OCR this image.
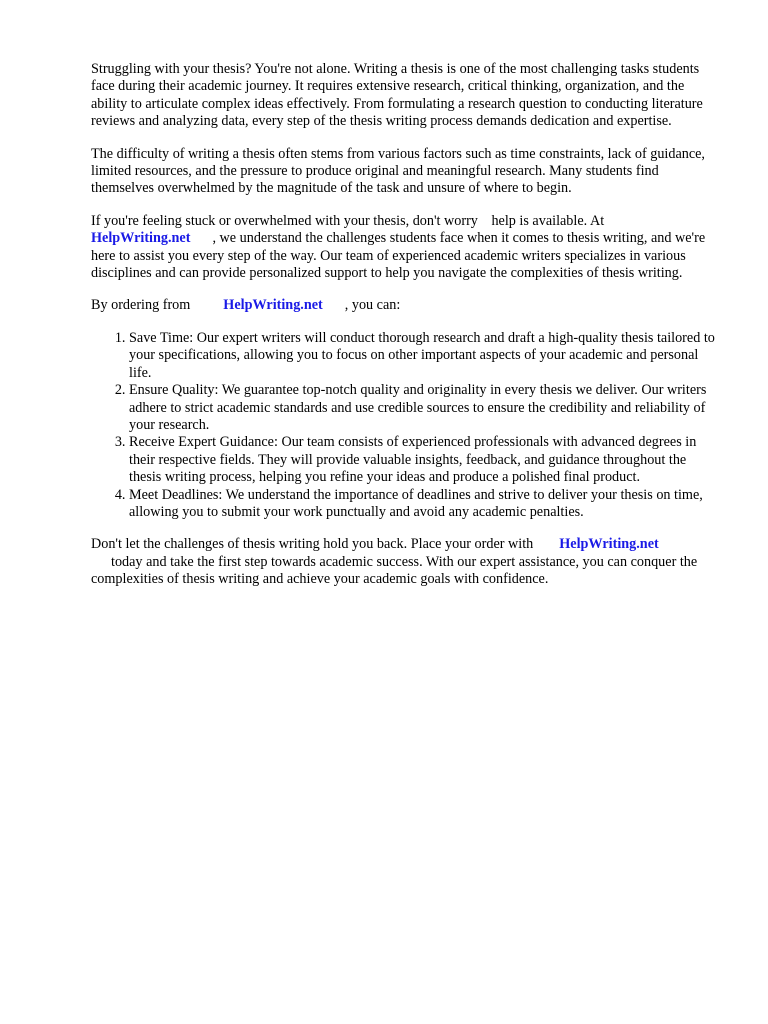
Struggling with your thesis? You're not alone. Writing a thesis is one of the most challenging tasks students face during their academic journey. It requires extensive research, critical thinking, organization, and the ability to articulate complex ideas effectively. From formulating a research question to conducting literature reviews and analyzing data, every step of the thesis writing process demands dedication and expertise.

The difficulty of writing a thesis often stems from various factors such as time constraints, lack of guidance, limited resources, and the pressure to produce original and meaningful research. Many students find themselves overwhelmed by the magnitude of the task and unsure of where to begin.

If you're feeling stuck or overwhelmed with your thesis, don't worry help is available. At
HelpWriting.net , we understand the challenges students face when it comes to thesis writing, and we're here to assist you every step of the way. Our team of experienced academic writers specializes in various disciplines and can provide personalized support to help you navigate the complexities of thesis writing.

By ordering from HelpWriting.net , you can:

1. Save Time: Our expert writers will conduct thorough research and draft a high-quality thesis tailored to your specifications, allowing you to focus on other important aspects of your academic and personal life.
2. Ensure Quality: We guarantee top-notch quality and originality in every thesis we deliver. Our writers adhere to strict academic standards and use credible sources to ensure the credibility and reliability of your research.
3. Receive Expert Guidance: Our team consists of experienced professionals with advanced degrees in their respective fields. They will provide valuable insights, feedback, and guidance throughout the thesis writing process, helping you refine your ideas and produce a polished final product.
4. Meet Deadlines: We understand the importance of deadlines and strive to deliver your thesis on time, allowing you to submit your work punctually and avoid any academic penalties.

Don't let the challenges of thesis writing hold you back. Place your order with HelpWriting.net
today and take the first step towards academic success. With our expert assistance, you can conquer the complexities of thesis writing and achieve your academic goals with confidence.
